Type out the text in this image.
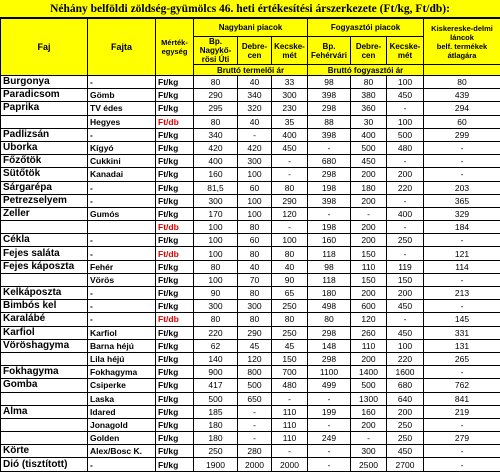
Néhány belföldi zöldség-gyümölcs 46. heti értékesítési árszerkezete (Ft/kg, Ft/db):
Faj	Fajta	Mérték-egység	Nagybani piacok			Fogyasztói piacok			Kiskereske-delmi láncok
belf. termékek átlagára
			Bp. Nagykő-rösi Úti	Debre-cen	Kecske-mét	Bp. Fehérvári	Debre-cen	Kecske-mét	
			Bruttó termelői ár			Bruttó fogyasztói ár			
Burgonya	-	Ft/kg	80	40	33	98	80	100	80
Paradicsom	Gömb	Ft/kg	290	340	300	398	380	450	439
Paprika	TV édes	Ft/kg	295	320	230	298	360	-	294
	Hegyes	Ft/db	80	40	35	88	30	100	60
Padlizsán	-	Ft/kg	340	-	400	398	400	500	299
Uborka	Kígyó	Ft/kg	420	420	450	-	500	480	-
Főzőtök	Cukkini	Ft/kg	400	300	-	680	450	-	-
Sütőtök	Kanadai	Ft/kg	160	100	-	298	200	200	-
Sárgarépa	-	Ft/kg	81,5	60	80	198	180	220	203
Petrezselyem	-	Ft/kg	300	100	290	398	200	-	365
Zeller	Gumós	Ft/kg	170	100	120	-	-	400	329
		Ft/db	100	80	-	198	200	-	184
Cékla	-	Ft/kg	100	60	100	160	200	250	-
Fejes saláta	-	Ft/db	100	80	80	118	150	-	121
Fejes káposzta	Fehér	Ft/kg	80	40	40	98	110	119	114
	Vörös	Ft/kg	100	70	90	118	150	150	-
Kelkáposzta	-	Ft/kg	90	80	65	180	200	200	213
Bimbós kel	-	Ft/kg	300	300	250	498	600	450	-
Karalábé	-	Ft/db	80	80	80	80	120	-	145
Karfiol	Karfiol	Ft/kg	220	290	250	298	260	450	331
Vöröshagyma	Barna héjú	Ft/kg	62	45	45	148	110	100	131
	Lila héjú	Ft/kg	140	120	150	298	200	220	265
Fokhagyma	Fokhagyma	Ft/kg	900	800	700	1100	1400	1600	-
Gomba	Csiperke	Ft/kg	417	500	480	499	500	680	762
	Laska	Ft/kg	500	650	-	-	1300	640	841
Alma	Idared	Ft/kg	185	-	110	199	160	200	219
	Jonagold	Ft/kg	180	-	110	-	200	250	-
	Golden	Ft/kg	180	-	110	249	-	250	279
Körte	Alex/Bosc K.	Ft/kg	250	280	-	-	300	450	-
Dió (tisztított)	-	Ft/kg	1900	2000	2000	-	2500	2700	-
